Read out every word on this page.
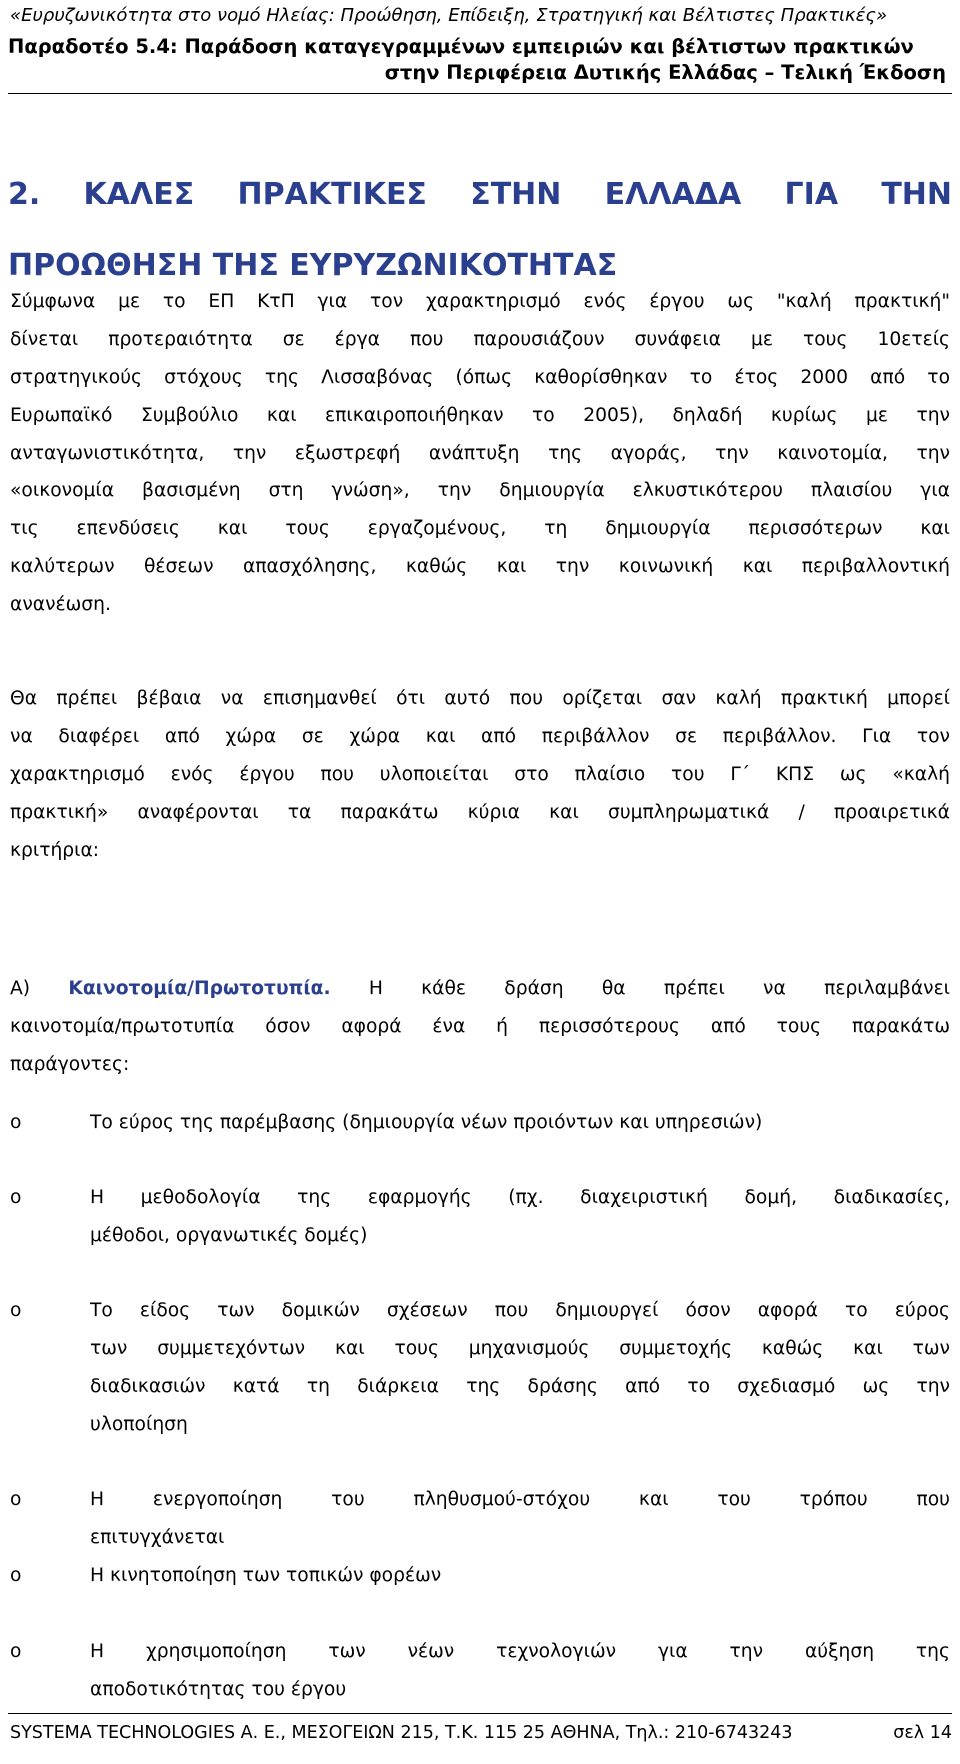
«Ευρυζωνικότητα στο νομό Ηλείας: Προώθηση, Επίδειξη, Στρατηγική και Βέλτιστες Πρακτικές»
Παραδοτέο 5.4: Παράδοση καταγεγραμμένων εμπειριών και βέλτιστων πρακτικών
στην Περιφέρεια Δυτικής Ελλάδας – Τελική Έκδοση
2. ΚΑΛΕΣ ΠΡΑΚΤΙΚΕΣ ΣΤΗΝ ΕΛΛΑΔΑ ΓΙΑ ΤΗΝ
ΠΡΟΩΘΗΣΗ ΤΗΣ ΕΥΡΥΖΩΝΙΚΟΤΗΤΑΣ
Σύμφωνα με το ΕΠ ΚτΠ για τον χαρακτηρισμό ενός έργου ως "καλή πρακτική"
δίνεται προτεραιότητα σε έργα που παρουσιάζουν συνάφεια με τους 10ετείς
στρατηγικούς στόχους της Λισσαβόνας (όπως καθορίσθηκαν το έτος 2000 από το
Ευρωπαϊκό Συμβούλιο και επικαιροποιήθηκαν το 2005), δηλαδή κυρίως με την
ανταγωνιστικότητα, την εξωστρεφή ανάπτυξη της αγοράς, την καινοτομία, την
«οικονομία βασισμένη στη γνώση», την δημιουργία ελκυστικότερου πλαισίου για
τις επενδύσεις και τους εργαζομένους, τη δημιουργία περισσότερων και
καλύτερων θέσεων απασχόλησης, καθώς και την κοινωνική και περιβαλλοντική
ανανέωση.
Θα πρέπει βέβαια να επισημανθεί ότι αυτό που ορίζεται σαν καλή πρακτική μπορεί
να διαφέρει από χώρα σε χώρα και από περιβάλλον σε περιβάλλον. Για τον
χαρακτηρισμό ενός έργου που υλοποιείται στο πλαίσιο του Γ΄ ΚΠΣ ως «καλή
πρακτική» αναφέρονται τα παρακάτω κύρια και συμπληρωματικά / προαιρετικά
κριτήρια:
Α) Καινοτομία/Πρωτοτυπία. Η κάθε δράση θα πρέπει να περιλαμβάνει
καινοτομία/πρωτοτυπία όσον αφορά ένα ή περισσότερους από τους παρακάτω
παράγοντες:
o	Το εύρος της παρέμβασης (δημιουργία νέων προιόντων και υπηρεσιών)
o	Η μεθοδολογία της εφαρμογής (πχ. διαχειριστική δομή, διαδικασίες,
μέθοδοι, οργανωτικές δομές)
o	Το είδος των δομικών σχέσεων που δημιουργεί όσον αφορά το εύρος
των συμμετεχόντων και τους μηχανισμούς συμμετοχής καθώς και των
διαδικασιών κατά τη διάρκεια της δράσης από το σχεδιασμό ως την
υλοποίηση
o	Η ενεργοποίηση του πληθυσμού-στόχου και του τρόπου που
επιτυγχάνεται
o	Η κινητοποίηση των τοπικών φορέων
o	Η χρησιμοποίηση των νέων τεχνολογιών για την αύξηση της
αποδοτικότητας του έργου
SYSTEMA TECHNOLOGIES Α. Ε., ΜΕΣΟΓΕΙΩΝ 215, Τ.Κ. 115 25 ΑΘΗΝΑ, Τηλ.: 210-6743243	σελ 14
